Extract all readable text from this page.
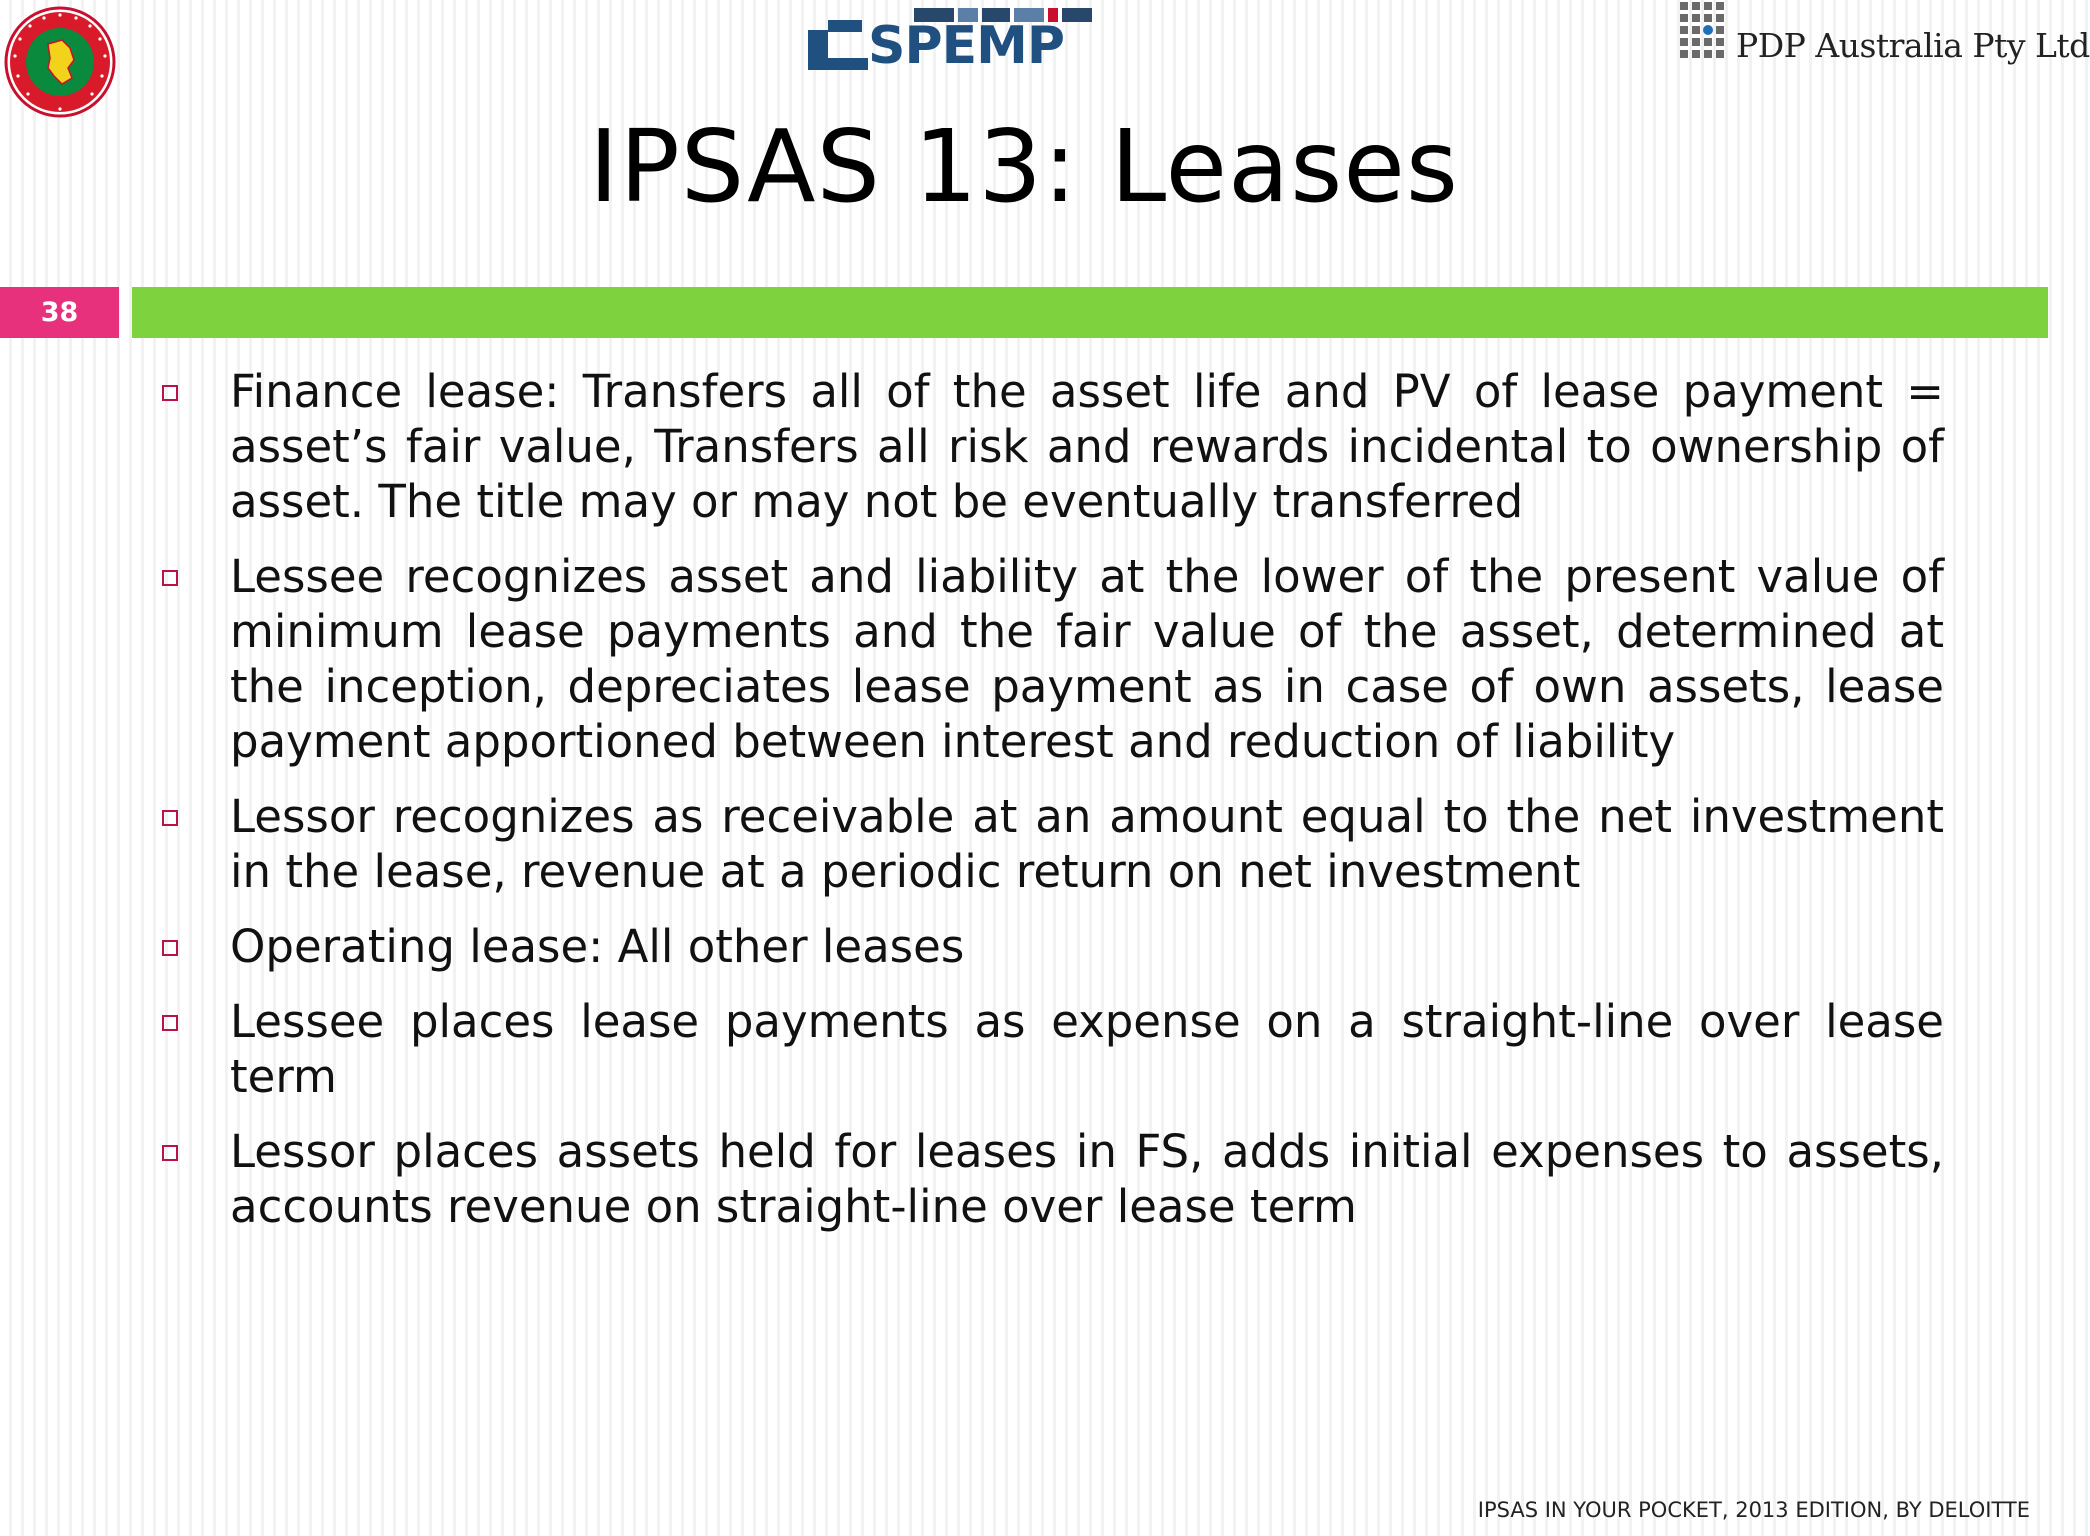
SPEMP	PDP Australia Pty Ltd
IPSAS 13: Leases
38
Finance lease: Transfers all of the asset life and PV of lease payment = asset’s fair value, Transfers all risk and rewards incidental to ownership of asset. The title may or may not be eventually transferred
Lessee recognizes asset and liability at the lower of the present value of minimum lease payments and the fair value of the asset, determined at the inception, depreciates lease payment as in case of own assets, lease payment apportioned between interest and reduction of liability
Lessor recognizes as receivable at an amount equal to the net investment in the lease, revenue at a periodic return on net investment
Operating lease: All other leases
Lessee places lease payments as expense on a straight-line over lease term
Lessor places assets held for leases in FS, adds initial expenses to assets, accounts revenue on straight-line over lease term
IPSAS IN YOUR POCKET, 2013 EDITION, BY DELOITTE
